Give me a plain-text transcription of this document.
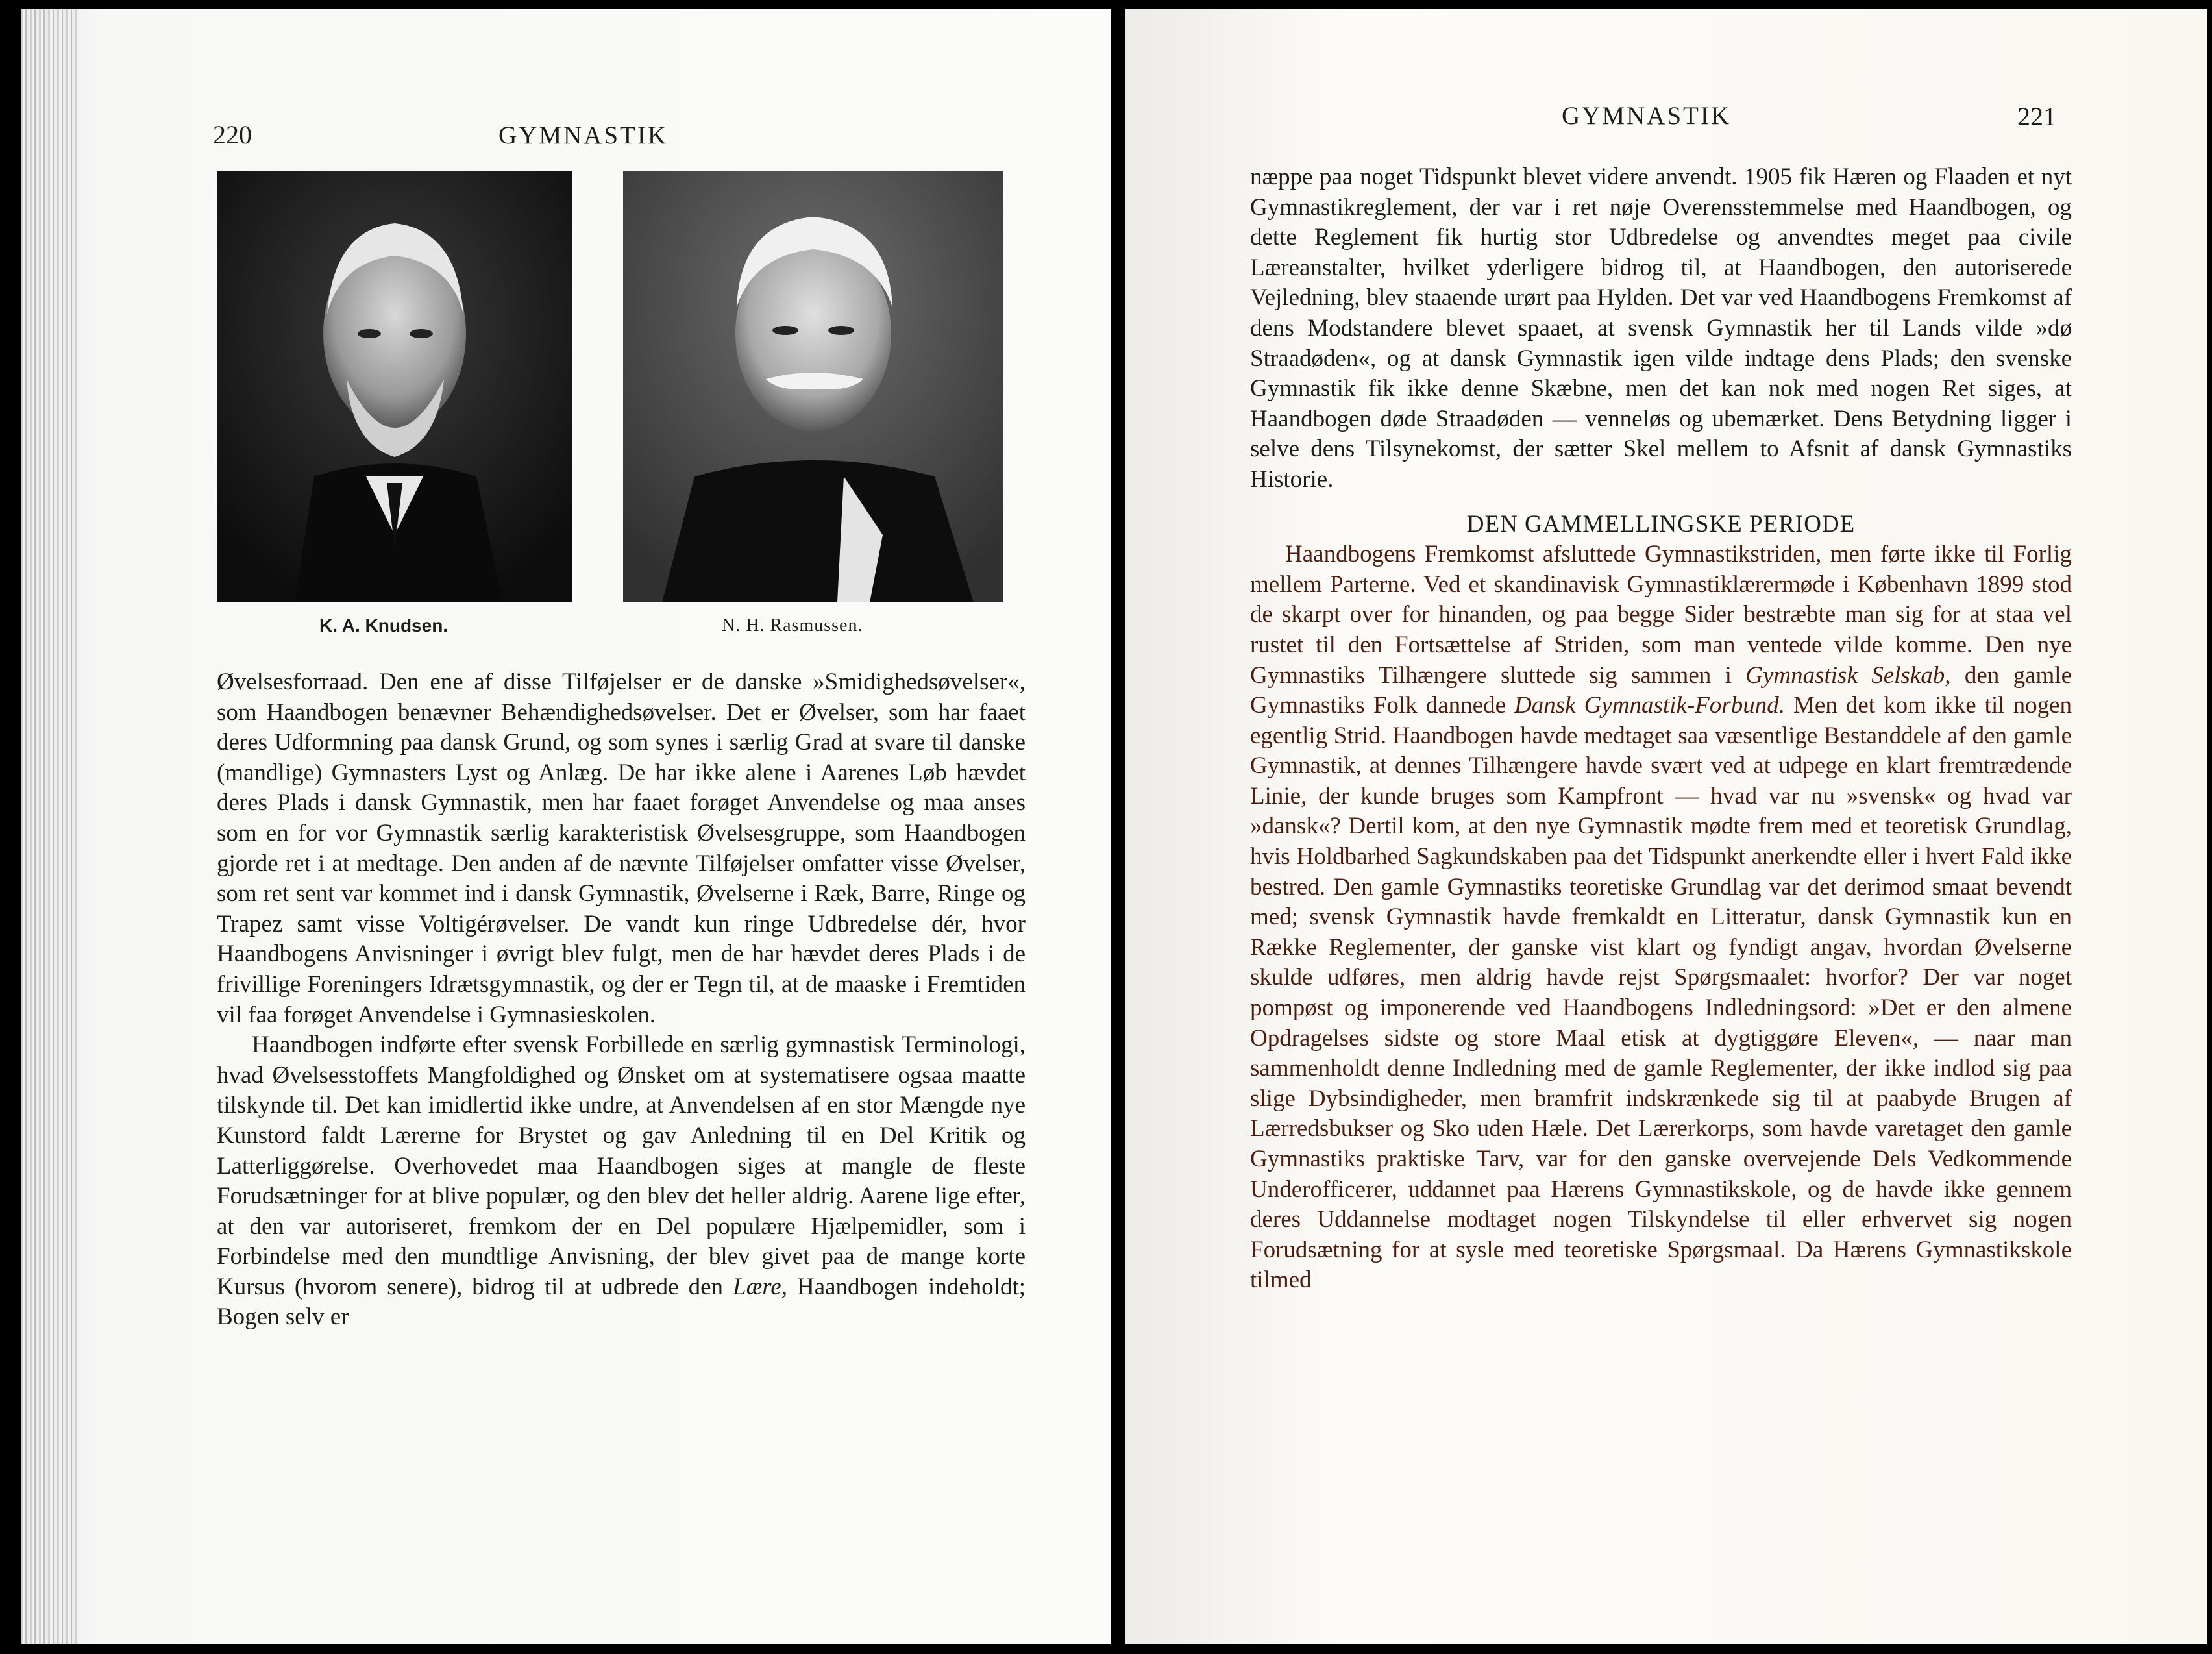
220	GYMNASTIK
K. A. Knudsen.	N. H. Rasmussen.

Øvelsesforraad. Den ene af disse Tilføjelser er de danske »Smidighedsøvelser«, som Haandbogen benævner Behændighedsøvelser. Det er Øvelser, som har faaet deres Udformning paa dansk Grund, og som synes i særlig Grad at svare til danske (mandlige) Gymnasters Lyst og Anlæg. De har ikke alene i Aarenes Løb hævdet deres Plads i dansk Gymnastik, men har faaet forøget Anvendelse og maa anses som en for vor Gymnastik særlig karakteristisk Øvelsesgruppe, som Haandbogen gjorde ret i at medtage. Den anden af de nævnte Tilføjelser omfatter visse Øvelser, som ret sent var kommet ind i dansk Gymnastik, Øvelserne i Ræk, Barre, Ringe og Trapez samt visse Voltigérøvelser. De vandt kun ringe Udbredelse dér, hvor Haandbogens Anvisninger i øvrigt blev fulgt, men de har hævdet deres Plads i de frivillige Foreningers Idrætsgymnastik, og der er Tegn til, at de maaske i Fremtiden vil faa forøget Anvendelse i Gymnasieskolen.

Haandbogen indførte efter svensk Forbillede en særlig gymnastisk Terminologi, hvad Øvelsesstoffets Mangfoldighed og Ønsket om at systematisere ogsaa maatte tilskynde til. Det kan imidlertid ikke undre, at Anvendelsen af en stor Mængde nye Kunstord faldt Lærerne for Brystet og gav Anledning til en Del Kritik og Latterliggørelse. Overhovedet maa Haandbogen siges at mangle de fleste Forudsætninger for at blive populær, og den blev det heller aldrig. Aarene lige efter, at den var autoriseret, fremkom der en Del populære Hjælpemidler, som i Forbindelse med den mundtlige Anvisning, der blev givet paa de mange korte Kursus (hvorom senere), bidrog til at udbrede den Lære, Haandbogen indeholdt; Bogen selv er

GYMNASTIK	221

næppe paa noget Tidspunkt blevet videre anvendt. 1905 fik Hæren og Flaaden et nyt Gymnastikreglement, der var i ret nøje Overensstemmelse med Haandbogen, og dette Reglement fik hurtig stor Udbredelse og anvendtes meget paa civile Læreanstalter, hvilket yderligere bidrog til, at Haandbogen, den autoriserede Vejledning, blev staaende urørt paa Hylden. Det var ved Haandbogens Fremkomst af dens Modstandere blevet spaaet, at svensk Gymnastik her til Lands vilde »dø Straadøden«, og at dansk Gymnastik igen vilde indtage dens Plads; den svenske Gymnastik fik ikke denne Skæbne, men det kan nok med nogen Ret siges, at Haandbogen døde Straadøden — venneløs og ubemærket. Dens Betydning ligger i selve dens Tilsynekomst, der sætter Skel mellem to Afsnit af dansk Gymnastiks Historie.

DEN GAMMELLINGSKE PERIODE

Haandbogens Fremkomst afsluttede Gymnastikstriden, men førte ikke til Forlig mellem Parterne. Ved et skandinavisk Gymnastiklærermøde i København 1899 stod de skarpt over for hinanden, og paa begge Sider bestræbte man sig for at staa vel rustet til den Fortsættelse af Striden, som man ventede vilde komme. Den nye Gymnastiks Tilhængere sluttede sig sammen i Gymnastisk Selskab, den gamle Gymnastiks Folk dannede Dansk Gymnastik-Forbund. Men det kom ikke til nogen egentlig Strid. Haandbogen havde medtaget saa væsentlige Bestanddele af den gamle Gymnastik, at dennes Tilhængere havde svært ved at udpege en klart fremtrædende Linie, der kunde bruges som Kampfront — hvad var nu »svensk« og hvad var »dansk«? Dertil kom, at den nye Gymnastik mødte frem med et teoretisk Grundlag, hvis Holdbarhed Sagkundskaben paa det Tidspunkt anerkendte eller i hvert Fald ikke bestred. Den gamle Gymnastiks teoretiske Grundlag var det derimod smaat bevendt med; svensk Gymnastik havde fremkaldt en Litteratur, dansk Gymnastik kun en Række Reglementer, der ganske vist klart og fyndigt angav, hvordan Øvelserne skulde udføres, men aldrig havde rejst Spørgsmaalet: hvorfor? Der var noget pompøst og imponerende ved Haandbogens Indledningsord: »Det er den almene Opdragelses sidste og store Maal etisk at dygtiggøre Eleven«, — naar man sammenholdt denne Indledning med de gamle Reglementer, der ikke indlod sig paa slige Dybsindigheder, men bramfrit indskrænkede sig til at paabyde Brugen af Lærredsbukser og Sko uden Hæle. Det Lærerkorps, som havde varetaget den gamle Gymnastiks praktiske Tarv, var for den ganske overvejende Dels Vedkommende Underofficerer, uddannet paa Hærens Gymnastikskole, og de havde ikke gennem deres Uddannelse modtaget nogen Tilskyndelse til eller erhvervet sig nogen Forudsætning for at sysle med teoretiske Spørgsmaal. Da Hærens Gymnastikskole tilmed
